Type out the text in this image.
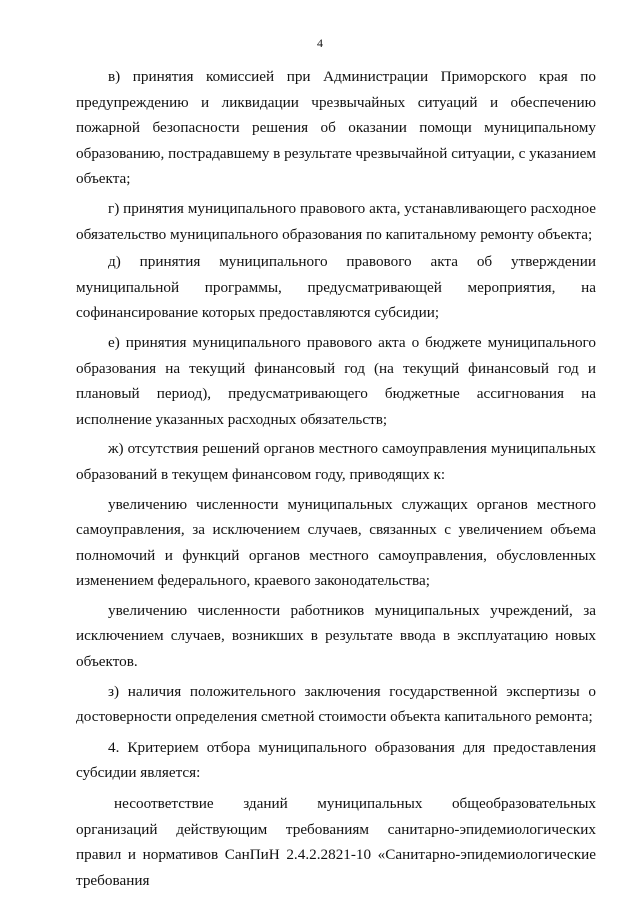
4

в) принятия комиссией при Администрации Приморского края по предупреждению и ликвидации чрезвычайных ситуаций и обеспечению пожарной безопасности решения об оказании помощи муниципальному образованию, пострадавшему в результате чрезвычайной ситуации, с указанием объекта;

г) принятия муниципального правового акта, устанавливающего расходное обязательство муниципального образования по капитальному ремонту объекта;

д) принятия муниципального правового акта об утверждении муниципальной программы, предусматривающей мероприятия, на софинансирование которых предоставляются субсидии;

е) принятия муниципального правового акта о бюджете муниципального образования на текущий финансовый год (на текущий финансовый год и плановый период), предусматривающего бюджетные ассигнования на исполнение указанных расходных обязательств;

ж) отсутствия решений органов местного самоуправления муниципальных образований в текущем финансовом году, приводящих к:

увеличению численности муниципальных служащих органов местного самоуправления, за исключением случаев, связанных с увеличением объема полномочий и функций органов местного самоуправления, обусловленных изменением федерального, краевого законодательства;

увеличению численности работников муниципальных учреждений, за исключением случаев, возникших в результате ввода в эксплуатацию новых объектов.

з) наличия положительного заключения государственной экспертизы о достоверности определения сметной стоимости объекта капитального ремонта;

4. Критерием отбора муниципального образования для предоставления субсидии является:

несоответствие зданий муниципальных общеобразовательных организаций действующим требованиям санитарно-эпидемиологических правил и нормативов СанПиН 2.4.2.2821-10 «Санитарно-эпидемиологические требования
